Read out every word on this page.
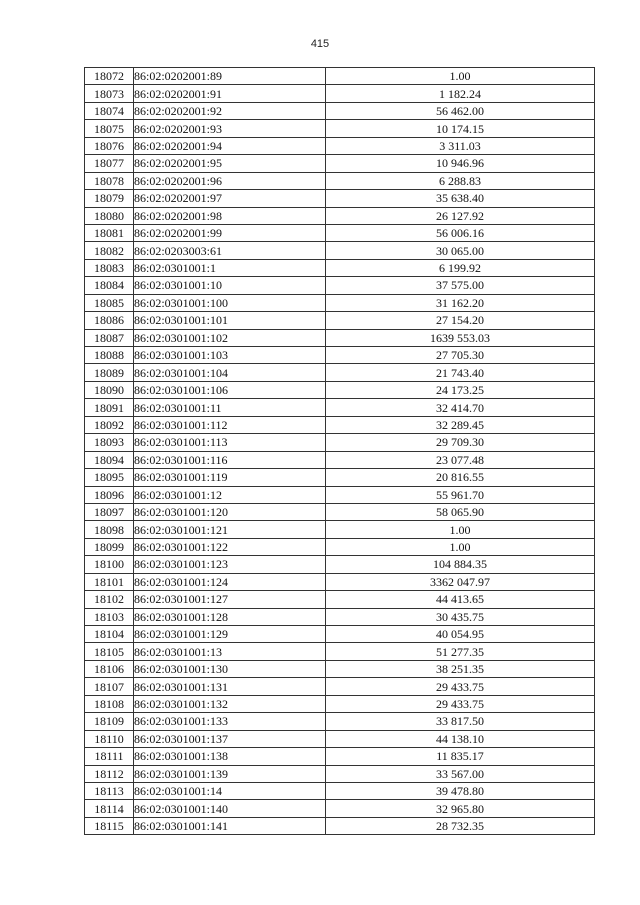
415
18072	86:02:0202001:89	1.00
18073	86:02:0202001:91	1 182.24
18074	86:02:0202001:92	56 462.00
18075	86:02:0202001:93	10 174.15
18076	86:02:0202001:94	3 311.03
18077	86:02:0202001:95	10 946.96
18078	86:02:0202001:96	6 288.83
18079	86:02:0202001:97	35 638.40
18080	86:02:0202001:98	26 127.92
18081	86:02:0202001:99	56 006.16
18082	86:02:0203003:61	30 065.00
18083	86:02:0301001:1	6 199.92
18084	86:02:0301001:10	37 575.00
18085	86:02:0301001:100	31 162.20
18086	86:02:0301001:101	27 154.20
18087	86:02:0301001:102	1639 553.03
18088	86:02:0301001:103	27 705.30
18089	86:02:0301001:104	21 743.40
18090	86:02:0301001:106	24 173.25
18091	86:02:0301001:11	32 414.70
18092	86:02:0301001:112	32 289.45
18093	86:02:0301001:113	29 709.30
18094	86:02:0301001:116	23 077.48
18095	86:02:0301001:119	20 816.55
18096	86:02:0301001:12	55 961.70
18097	86:02:0301001:120	58 065.90
18098	86:02:0301001:121	1.00
18099	86:02:0301001:122	1.00
18100	86:02:0301001:123	104 884.35
18101	86:02:0301001:124	3362 047.97
18102	86:02:0301001:127	44 413.65
18103	86:02:0301001:128	30 435.75
18104	86:02:0301001:129	40 054.95
18105	86:02:0301001:13	51 277.35
18106	86:02:0301001:130	38 251.35
18107	86:02:0301001:131	29 433.75
18108	86:02:0301001:132	29 433.75
18109	86:02:0301001:133	33 817.50
18110	86:02:0301001:137	44 138.10
18111	86:02:0301001:138	11 835.17
18112	86:02:0301001:139	33 567.00
18113	86:02:0301001:14	39 478.80
18114	86:02:0301001:140	32 965.80
18115	86:02:0301001:141	28 732.35
